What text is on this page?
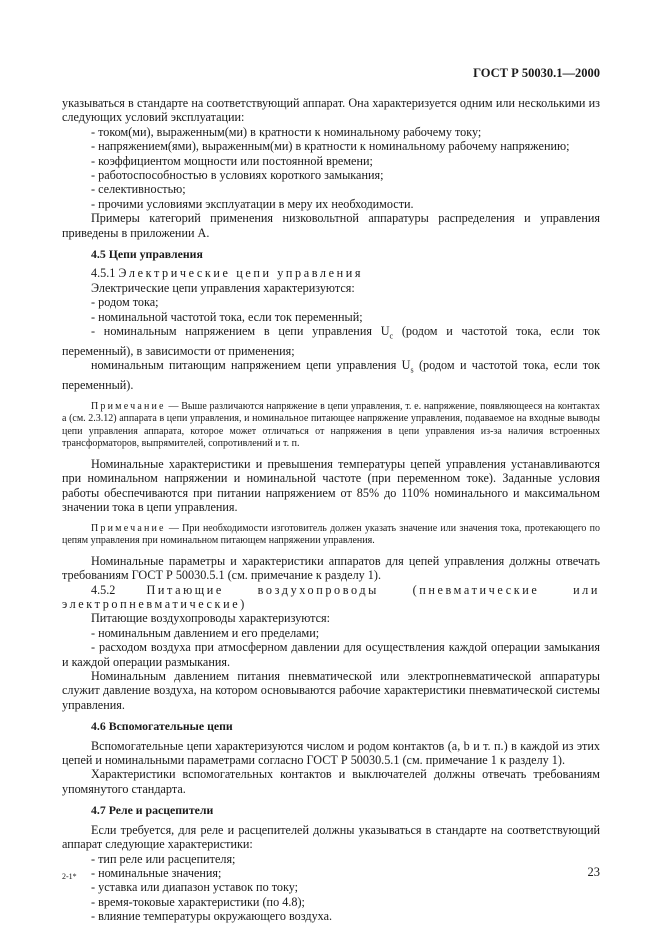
ГОСТ Р 50030.1—2000

указываться в стандарте на соответствующий аппарат. Она характеризуется одним или несколькими из следующих условий эксплуатации:

- током(ми), выраженным(ми) в кратности к номинальному рабочему току;

- напряжением(ями), выраженным(ми) в кратности к номинальному рабочему напряжению;

- коэффициентом мощности или постоянной времени;

- работоспособностью в условиях короткого замыкания;

- селективностью;

- прочими условиями эксплуатации в меру их необходимости.

Примеры категорий применения низковольтной аппаратуры распределения и управления приведены в приложении А.

4.5 Цепи управления

4.5.1 Электрические цепи управления

Электрические цепи управления характеризуются:

- родом тока;

- номинальной частотой тока, если ток переменный;

- номинальным напряжением в цепи управления $U_c$ (родом и частотой тока, если ток переменный), в зависимости от применения;

номинальным питающим напряжением цепи управления $U_s$ (родом и частотой тока, если ток переменный).

Примечание — Выше различаются напряжение в цепи управления, т. е. напряжение, появляющееся на контактах a (см. 2.3.12) аппарата в цепи управления, и номинальное питающее напряжение управления, подаваемое на входные выводы цепи управления аппарата, которое может отличаться от напряжения в цепи управления из-за наличия встроенных трансформаторов, выпрямителей, сопротивлений и т. п.

Номинальные характеристики и превышения температуры цепей управления устанавливаются при номинальном напряжении и номинальной частоте (при переменном токе). Заданные условия работы обеспечиваются при питании напряжением от 85% до 110% номинального и максимальном значении тока в цепи управления.

Примечание — При необходимости изготовитель должен указать значение или значения тока, протекающего по цепям управления при номинальном питающем напряжении управления.

Номинальные параметры и характеристики аппаратов для цепей управления должны отвечать требованиям ГОСТ Р 50030.5.1 (см. примечание к разделу 1).

4.5.2 Питающие воздухопроводы (пневматические или электропневматические)

Питающие воздухопроводы характеризуются:

- номинальным давлением и его пределами;

- расходом воздуха при атмосферном давлении для осуществления каждой операции замыкания и каждой операции размыкания.

Номинальным давлением питания пневматической или электропневматической аппаратуры служит давление воздуха, на котором основываются рабочие характеристики пневматической системы управления.

4.6 Вспомогательные цепи

Вспомогательные цепи характеризуются числом и родом контактов (a, b и т. п.) в каждой из этих цепей и номинальными параметрами согласно ГОСТ Р 50030.5.1 (см. примечание 1 к разделу 1).

Характеристики вспомогательных контактов и выключателей должны отвечать требованиям упомянутого стандарта.

4.7 Реле и расцепители

Если требуется, для реле и расцепителей должны указываться в стандарте на соответствующий аппарат следующие характеристики:

- тип реле или расцепителя;

- номинальные значения;

- уставка или диапазон уставок по току;

- время-токовые характеристики (по 4.8);

- влияние температуры окружающего воздуха.

2-1*	23
